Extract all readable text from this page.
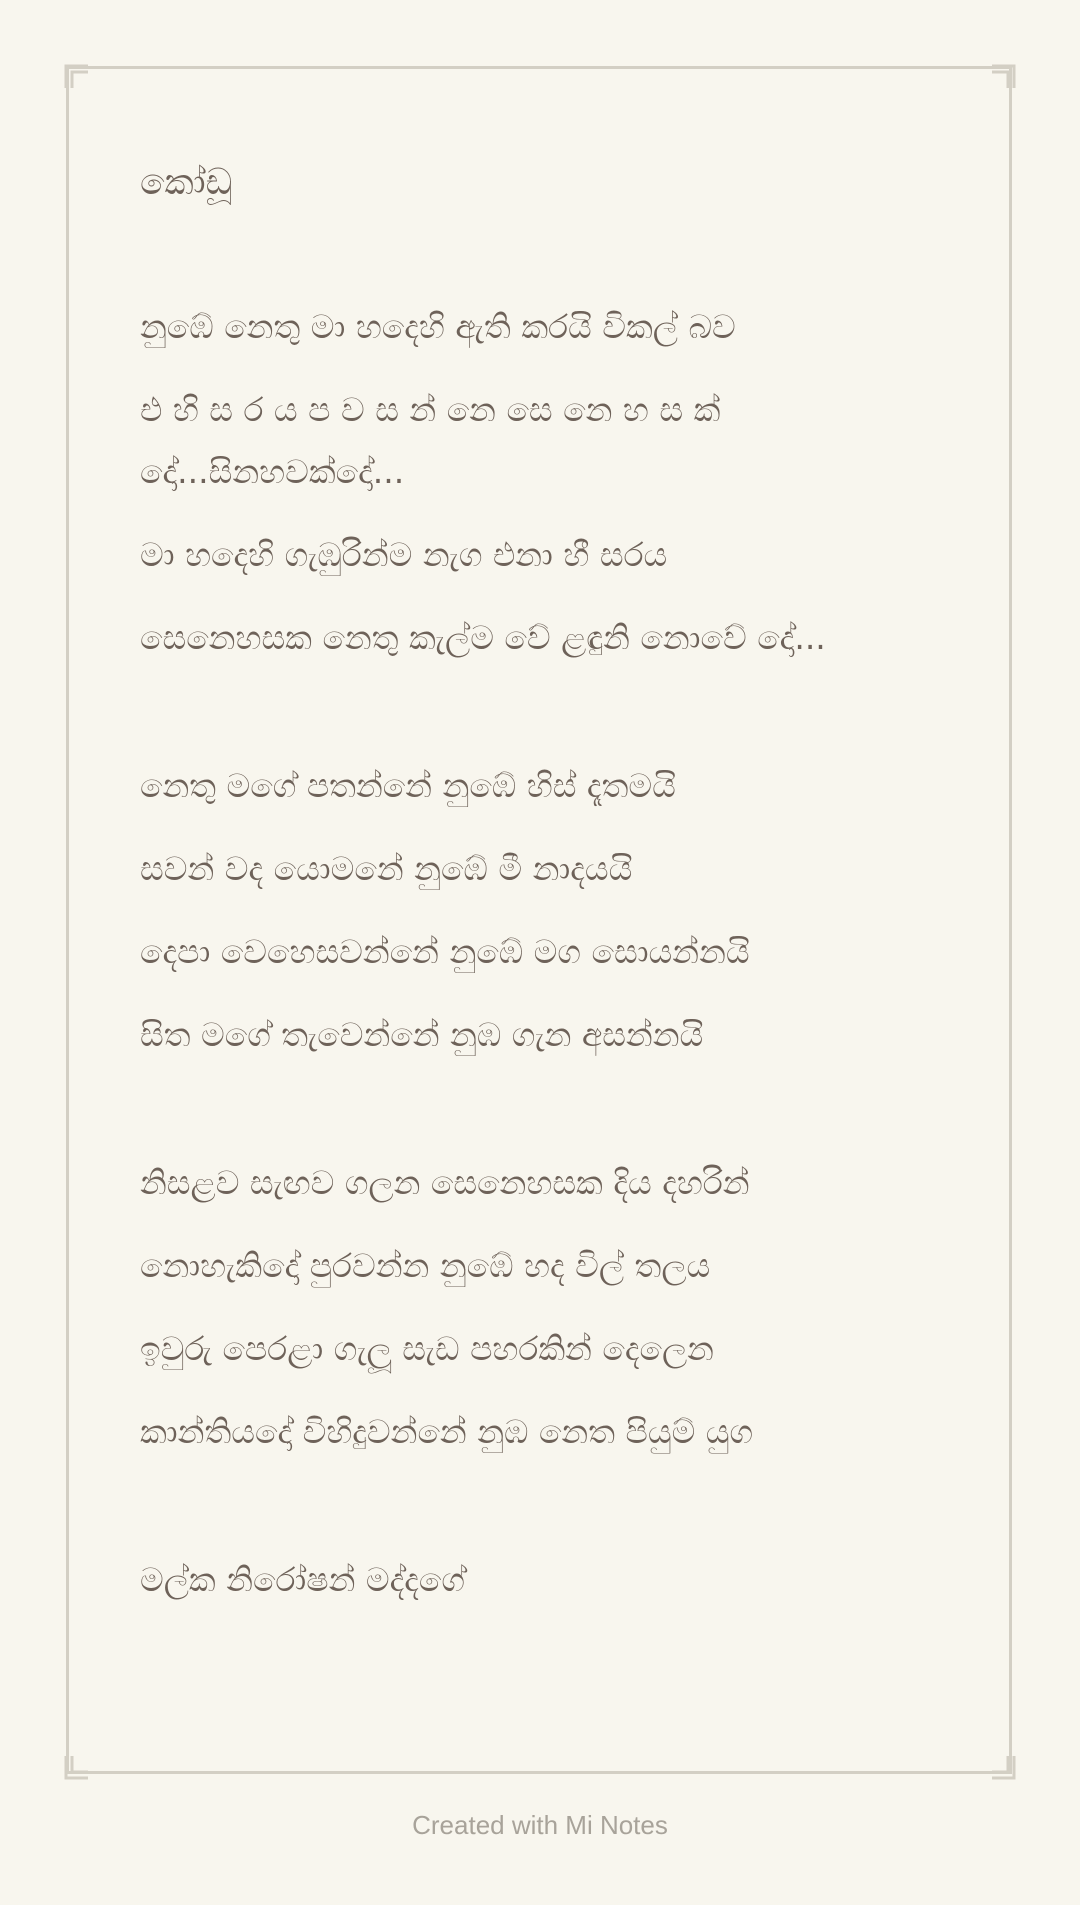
කෝඩූ

නුඹේ නෙතු මා හදෙහි ඇති කරයි විකල් බව

එ හි ස ර ය ප ව ස න් නෙ සෙ නෙ හ ස ක් දෝ...සිනහවක්දෝ...

මා හදෙහි ගැඹුරින්ම නැග එනා හී සරය

සෙනෙහසක නෙතු කැල්ම වේ ළඳුනි නොවේ දෝ...

නෙතු මගේ පතන්නේ නුඹේ හිස් දෑතමයි

සවන් වද යොමනේ නුඹේ මී නාදයයි

දෙපා වෙහෙසවන්නේ නුඹේ මග සොයන්නයි

සිත මගේ තැවෙන්නේ නුඹ ගැන අසන්නයි

නිසළව සැඟව ගලන සෙනෙහසක දිය දහරින්

නොහැකිදෝ පුරවන්න නුඹේ හද විල් තලය

ඉවුරු පෙරළා ගැලූ සැඩ පහරකින් දෙලෙන

කාන්තියදෝ විහිදුවන්නේ නුඹ නෙත පියුම් යුග

මල්ක නිරෝෂන් මද්දගේ

Created with Mi Notes
